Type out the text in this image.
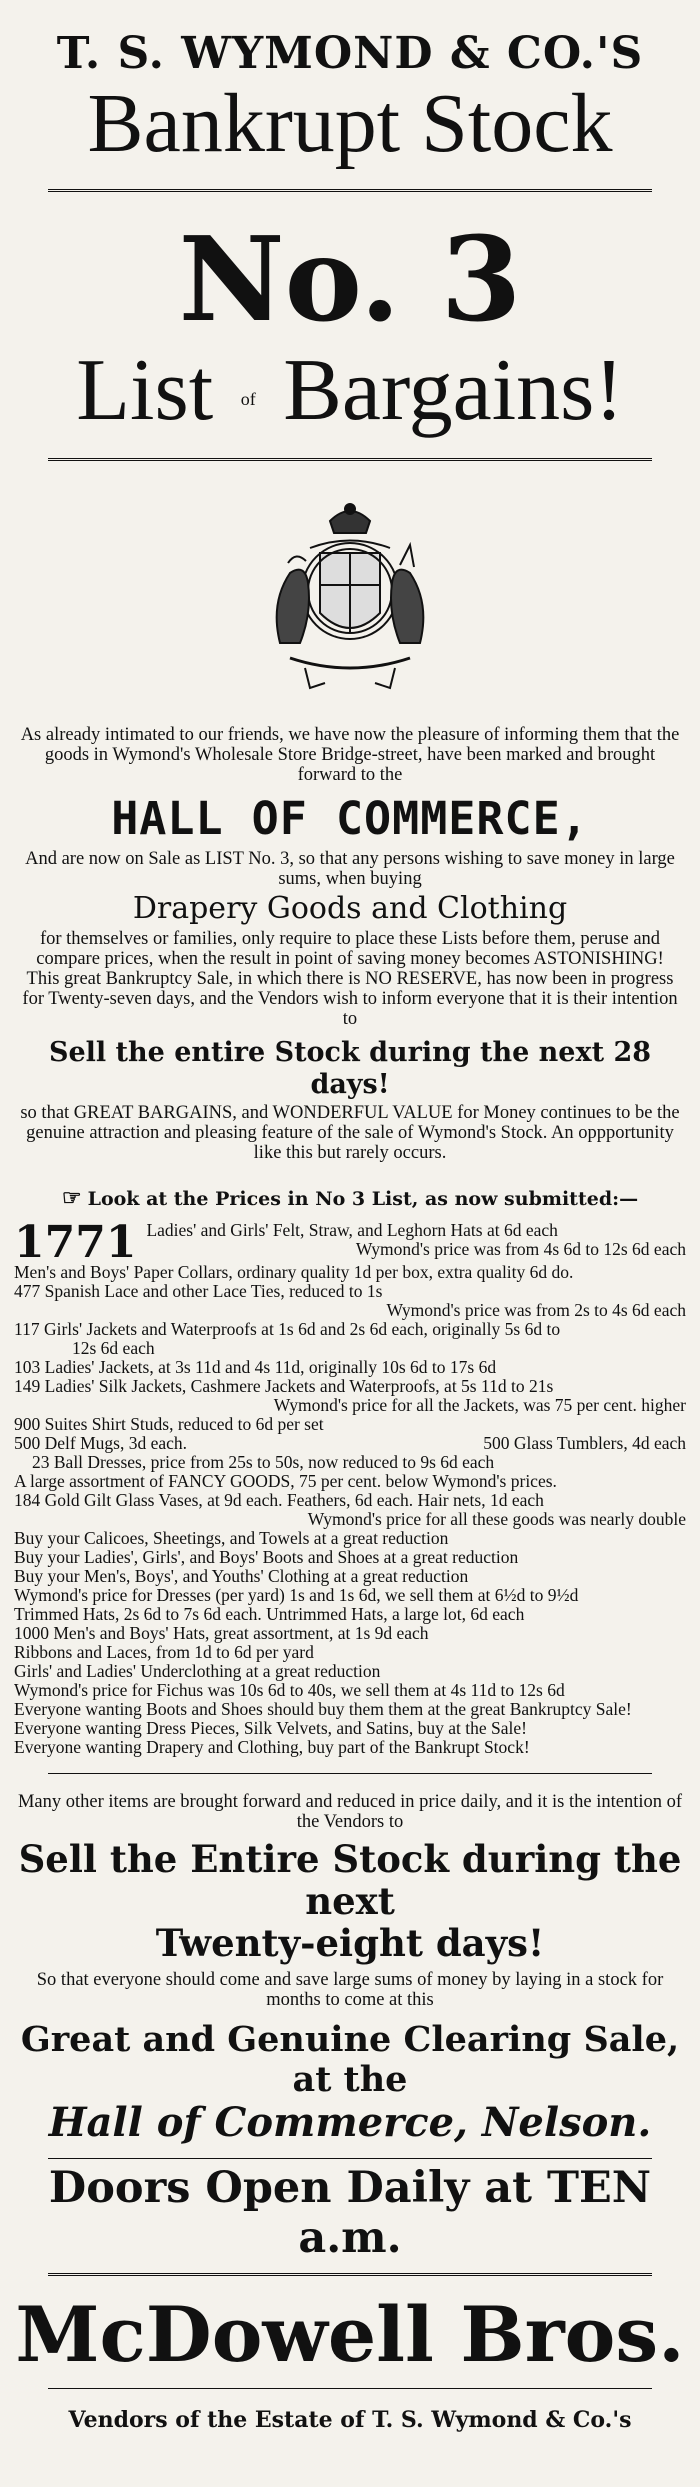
T. S. WYMOND & CO.'S
Bankrupt Stock
No. 3
List of Bargains!
As already intimated to our friends, we have now the pleasure of informing them that the goods in Wymond's Wholesale Store Bridge-street, have been marked and brought forward to the
HALL OF COMMERCE,
And are now on Sale as LIST No. 3, so that any persons wishing to save money in large sums, when buying
Drapery Goods and Clothing
for themselves or families, only require to place these Lists before them, peruse and compare prices, when the result in point of saving money becomes ASTONISHING!
This great Bankruptcy Sale, in which there is NO RESERVE, has now been in progress for Twenty-seven days, and the Vendors wish to inform everyone that it is their intention to
Sell the entire Stock during the next 28 days!
so that GREAT BARGAINS, and WONDERFUL VALUE for Money continues to be the genuine attraction and pleasing feature of the sale of Wymond's Stock. An oppportunity like this but rarely occurs.
☞ Look at the Prices in No 3 List, as now submitted:—
1771 Ladies' and Girls' Felt, Straw, and Leghorn Hats at 6d each
Wymond's price was from 4s 6d to 12s 6d each
Men's and Boys' Paper Collars, ordinary quality 1d per box, extra quality 6d do.
477 Spanish Lace and other Lace Ties, reduced to 1s
Wymond's price was from 2s to 4s 6d each
117 Girls' Jackets and Waterproofs at 1s 6d and 2s 6d each, originally 5s 6d to
12s 6d each
103 Ladies' Jackets, at 3s 11d and 4s 11d, originally 10s 6d to 17s 6d
149 Ladies' Silk Jackets, Cashmere Jackets and Waterproofs, at 5s 11d to 21s
Wymond's price for all the Jackets, was 75 per cent. higher
900 Suites Shirt Studs, reduced to 6d per set
500 Delf Mugs, 3d each.	500 Glass Tumblers, 4d each
23 Ball Dresses, price from 25s to 50s, now reduced to 9s 6d each
A large assortment of FANCY GOODS, 75 per cent. below Wymond's prices.
184 Gold Gilt Glass Vases, at 9d each. Feathers, 6d each. Hair nets, 1d each
Wymond's price for all these goods was nearly double
Buy your Calicoes, Sheetings, and Towels at a great reduction
Buy your Ladies', Girls', and Boys' Boots and Shoes at a great reduction
Buy your Men's, Boys', and Youths' Clothing at a great reduction
Wymond's price for Dresses (per yard) 1s and 1s 6d, we sell them at 6½d to 9½d
Trimmed Hats, 2s 6d to 7s 6d each. Untrimmed Hats, a large lot, 6d each
1000 Men's and Boys' Hats, great assortment, at 1s 9d each
Ribbons and Laces, from 1d to 6d per yard
Girls' and Ladies' Underclothing at a great reduction
Wymond's price for Fichus was 10s 6d to 40s, we sell them at 4s 11d to 12s 6d
Everyone wanting Boots and Shoes should buy them them at the great Bankruptcy Sale!
Everyone wanting Dress Pieces, Silk Velvets, and Satins, buy at the Sale!
Everyone wanting Drapery and Clothing, buy part of the Bankrupt Stock!
Many other items are brought forward and reduced in price daily, and it is the intention of the Vendors to
Sell the Entire Stock during the next
Twenty-eight days!
So that everyone should come and save large sums of money by laying in a stock for months to come at this
Great and Genuine Clearing Sale, at the
Hall of Commerce, Nelson.
Doors Open Daily at TEN a.m.
McDowell Bros.
Vendors of the Estate of T. S. Wymond & Co.'s
